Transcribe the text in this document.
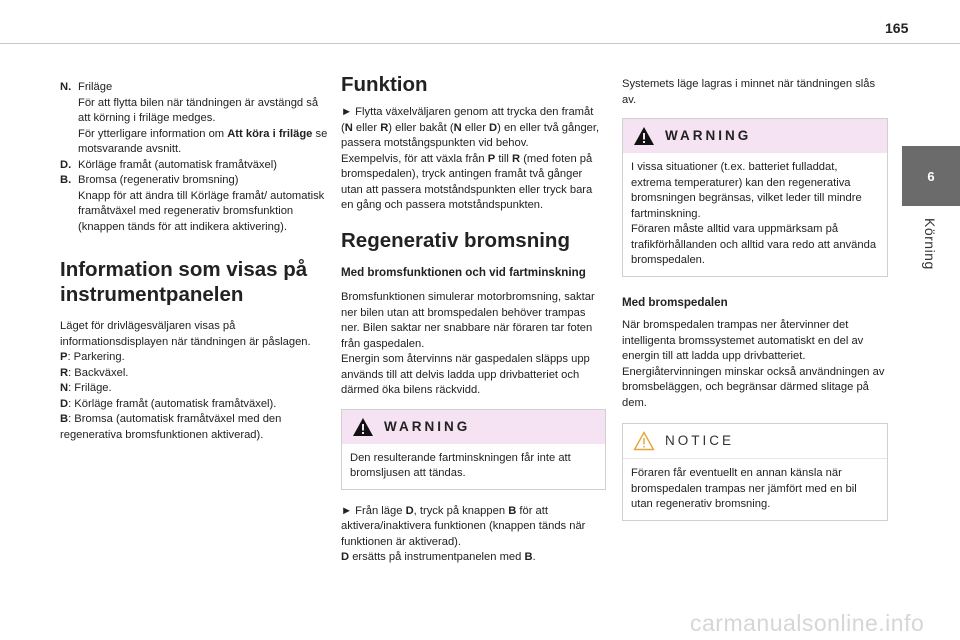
165
6
Körning
N. Friläge

För att flytta bilen när tändningen är avstängd så att körning i friläge medges.

För ytterligare information om Att köra i friläge se motsvarande avsnitt.

D. Körläge framåt (automatisk framåtväxel)

B. Bromsa (regenerativ bromsning)

Knapp för att ändra till Körläge framåt/ automatisk framåtväxel med regenerativ bromsfunktion (knappen tänds för att indikera aktivering).

Information som visas på instrumentpanelen

Läget för drivlägesväljaren visas på informationsdisplayen när tändningen är påslagen.

P: Parkering.

R: Backväxel.

N: Friläge.

D: Körläge framåt (automatisk framåtväxel).

B: Bromsa (automatisk framåtväxel med den regenerativa bromsfunktionen aktiverad).

Funktion

► Flytta växelväljaren genom att trycka den framåt (N eller R) eller bakåt (N eller D) en eller två gånger, passera motstångspunkten vid behov.

Exempelvis, för att växla från P till R (med foten på bromspedalen), tryck antingen framåt två gånger utan att passera motståndspunkten eller tryck bara en gång och passera motståndspunkten.

Regenerativ bromsning
Med bromsfunktionen och vid fartminskning

Bromsfunktionen simulerar motorbromsning, saktar ner bilen utan att bromspedalen behöver trampas ner. Bilen saktar ner snabbare när föraren tar foten från gaspedalen.

Energin som återvinns när gaspedalen släpps upp används till att delvis ladda upp drivbatteriet och därmed öka bilens räckvidd.

WARNING

Den resulterande fartminskningen får inte att bromsljusen att tändas.

► Från läge D, tryck på knappen B för att aktivera/inaktivera funktionen (knappen tänds när funktionen är aktiverad).

D ersätts på instrumentpanelen med B.

Systemets läge lagras i minnet när tändningen slås av.

WARNING

I vissa situationer (t.ex. batteriet fulladdat, extrema temperaturer) kan den regenerativa bromsningen begränsas, vilket leder till mindre fartminskning.

Föraren måste alltid vara uppmärksam på trafikförhållanden och alltid vara redo att använda bromspedalen.

Med bromspedalen

När bromspedalen trampas ner återvinner det intelligenta bromssystemet automatiskt en del av energin till att ladda upp drivbatteriet.

Energiåtervinningen minskar också användningen av bromsbeläggen, och begränsar därmed slitage på dem.

NOTICE

Föraren får eventuellt en annan känsla när bromspedalen trampas ner jämfört med en bil utan regenerativ bromsning.

carmanualsonline.info
